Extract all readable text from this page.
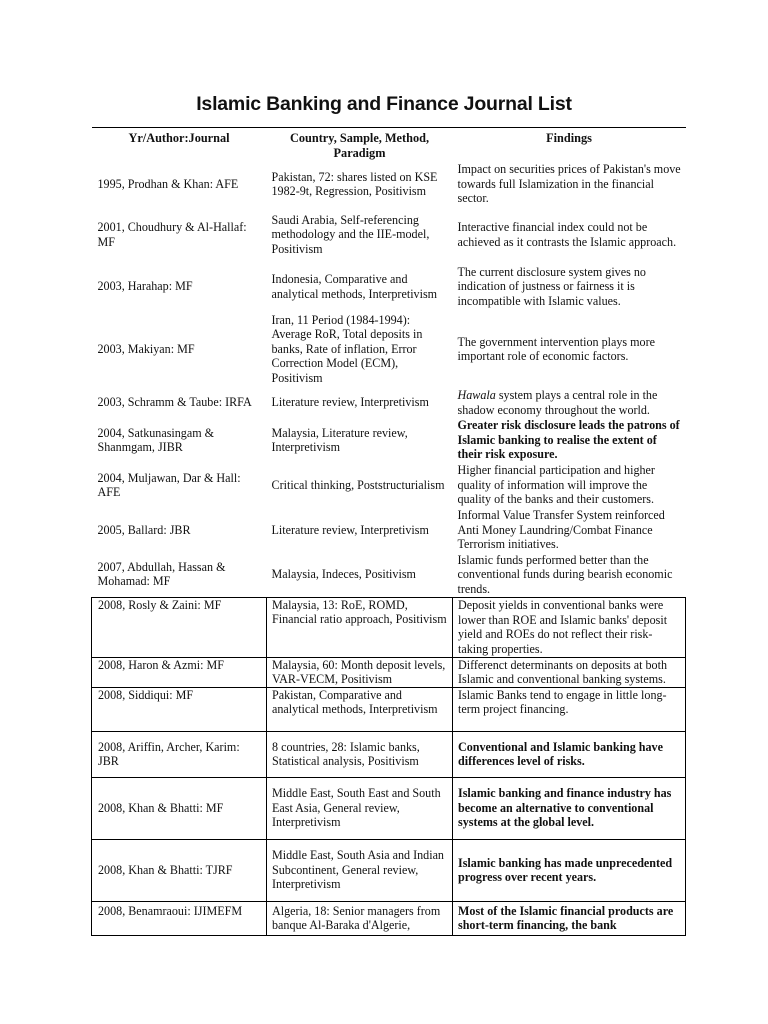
Islamic Banking and Finance Journal List
Yr/Author:Journal	Country, Sample, Method, Paradigm	Findings
1995, Prodhan & Khan: AFE	Pakistan, 72: shares listed on KSE 1982-9t, Regression, Positivism	Impact on securities prices of Pakistan's move towards full Islamization in the financial sector.
2001, Choudhury & Al-Hallaf: MF	Saudi Arabia, Self-referencing methodology and the IIE-model, Positivism	Interactive financial index could not be achieved as it contrasts the Islamic approach.
2003, Harahap: MF	Indonesia, Comparative and analytical methods, Interpretivism	The current disclosure system gives no indication of justness or fairness it is incompatible with Islamic values.
2003, Makiyan: MF	Iran, 11 Period (1984-1994): Average RoR, Total deposits in banks, Rate of inflation, Error Correction Model (ECM), Positivism	The government intervention plays more important role of economic factors.
2003, Schramm & Taube: IRFA	Literature review, Interpretivism	Hawala system plays a central role in the shadow economy throughout the world.
2004, Satkunasingam & Shanmgam, JIBR	Malaysia, Literature review, Interpretivism	Greater risk disclosure leads the patrons of Islamic banking to realise the extent of their risk exposure.
2004, Muljawan, Dar & Hall: AFE	Critical thinking, Poststructurialism	Higher financial participation and higher quality of information will improve the quality of the banks and their customers.
2005, Ballard: JBR	Literature review, Interpretivism	Informal Value Transfer System reinforced Anti Money Laundring/Combat Finance Terrorism initiatives.
2007, Abdullah, Hassan & Mohamad: MF	Malaysia, Indeces, Positivism	Islamic funds performed better than the conventional funds during bearish economic trends.
2008, Rosly & Zaini: MF	Malaysia, 13: RoE, ROMD, Financial ratio approach, Positivism	Deposit yields in conventional banks were lower than ROE and Islamic banks' deposit yield and ROEs do not reflect their risk-taking properties.
2008, Haron & Azmi: MF	Malaysia, 60: Month deposit levels, VAR-VECM, Positivism	Differenct determinants on deposits at both Islamic and conventional banking systems.
2008, Siddiqui: MF	Pakistan, Comparative and analytical methods, Interpretivism	Islamic Banks tend to engage in little long-term project financing.
2008, Ariffin, Archer, Karim: JBR	8 countries, 28: Islamic banks, Statistical analysis, Positivism	Conventional and Islamic banking have differences level of risks.
2008, Khan & Bhatti: MF	Middle East, South East and South East Asia, General review, Interpretivism	Islamic banking and finance industry has become an alternative to conventional systems at the global level.
2008, Khan & Bhatti: TJRF	Middle East, South Asia and Indian Subcontinent, General review, Interpretivism	Islamic banking has made unprecedented progress over recent years.
2008, Benamraoui: IJIMEFM	Algeria, 18: Senior managers from banque Al-Baraka d'Algerie,	Most of the Islamic financial products are short-term financing, the bank
